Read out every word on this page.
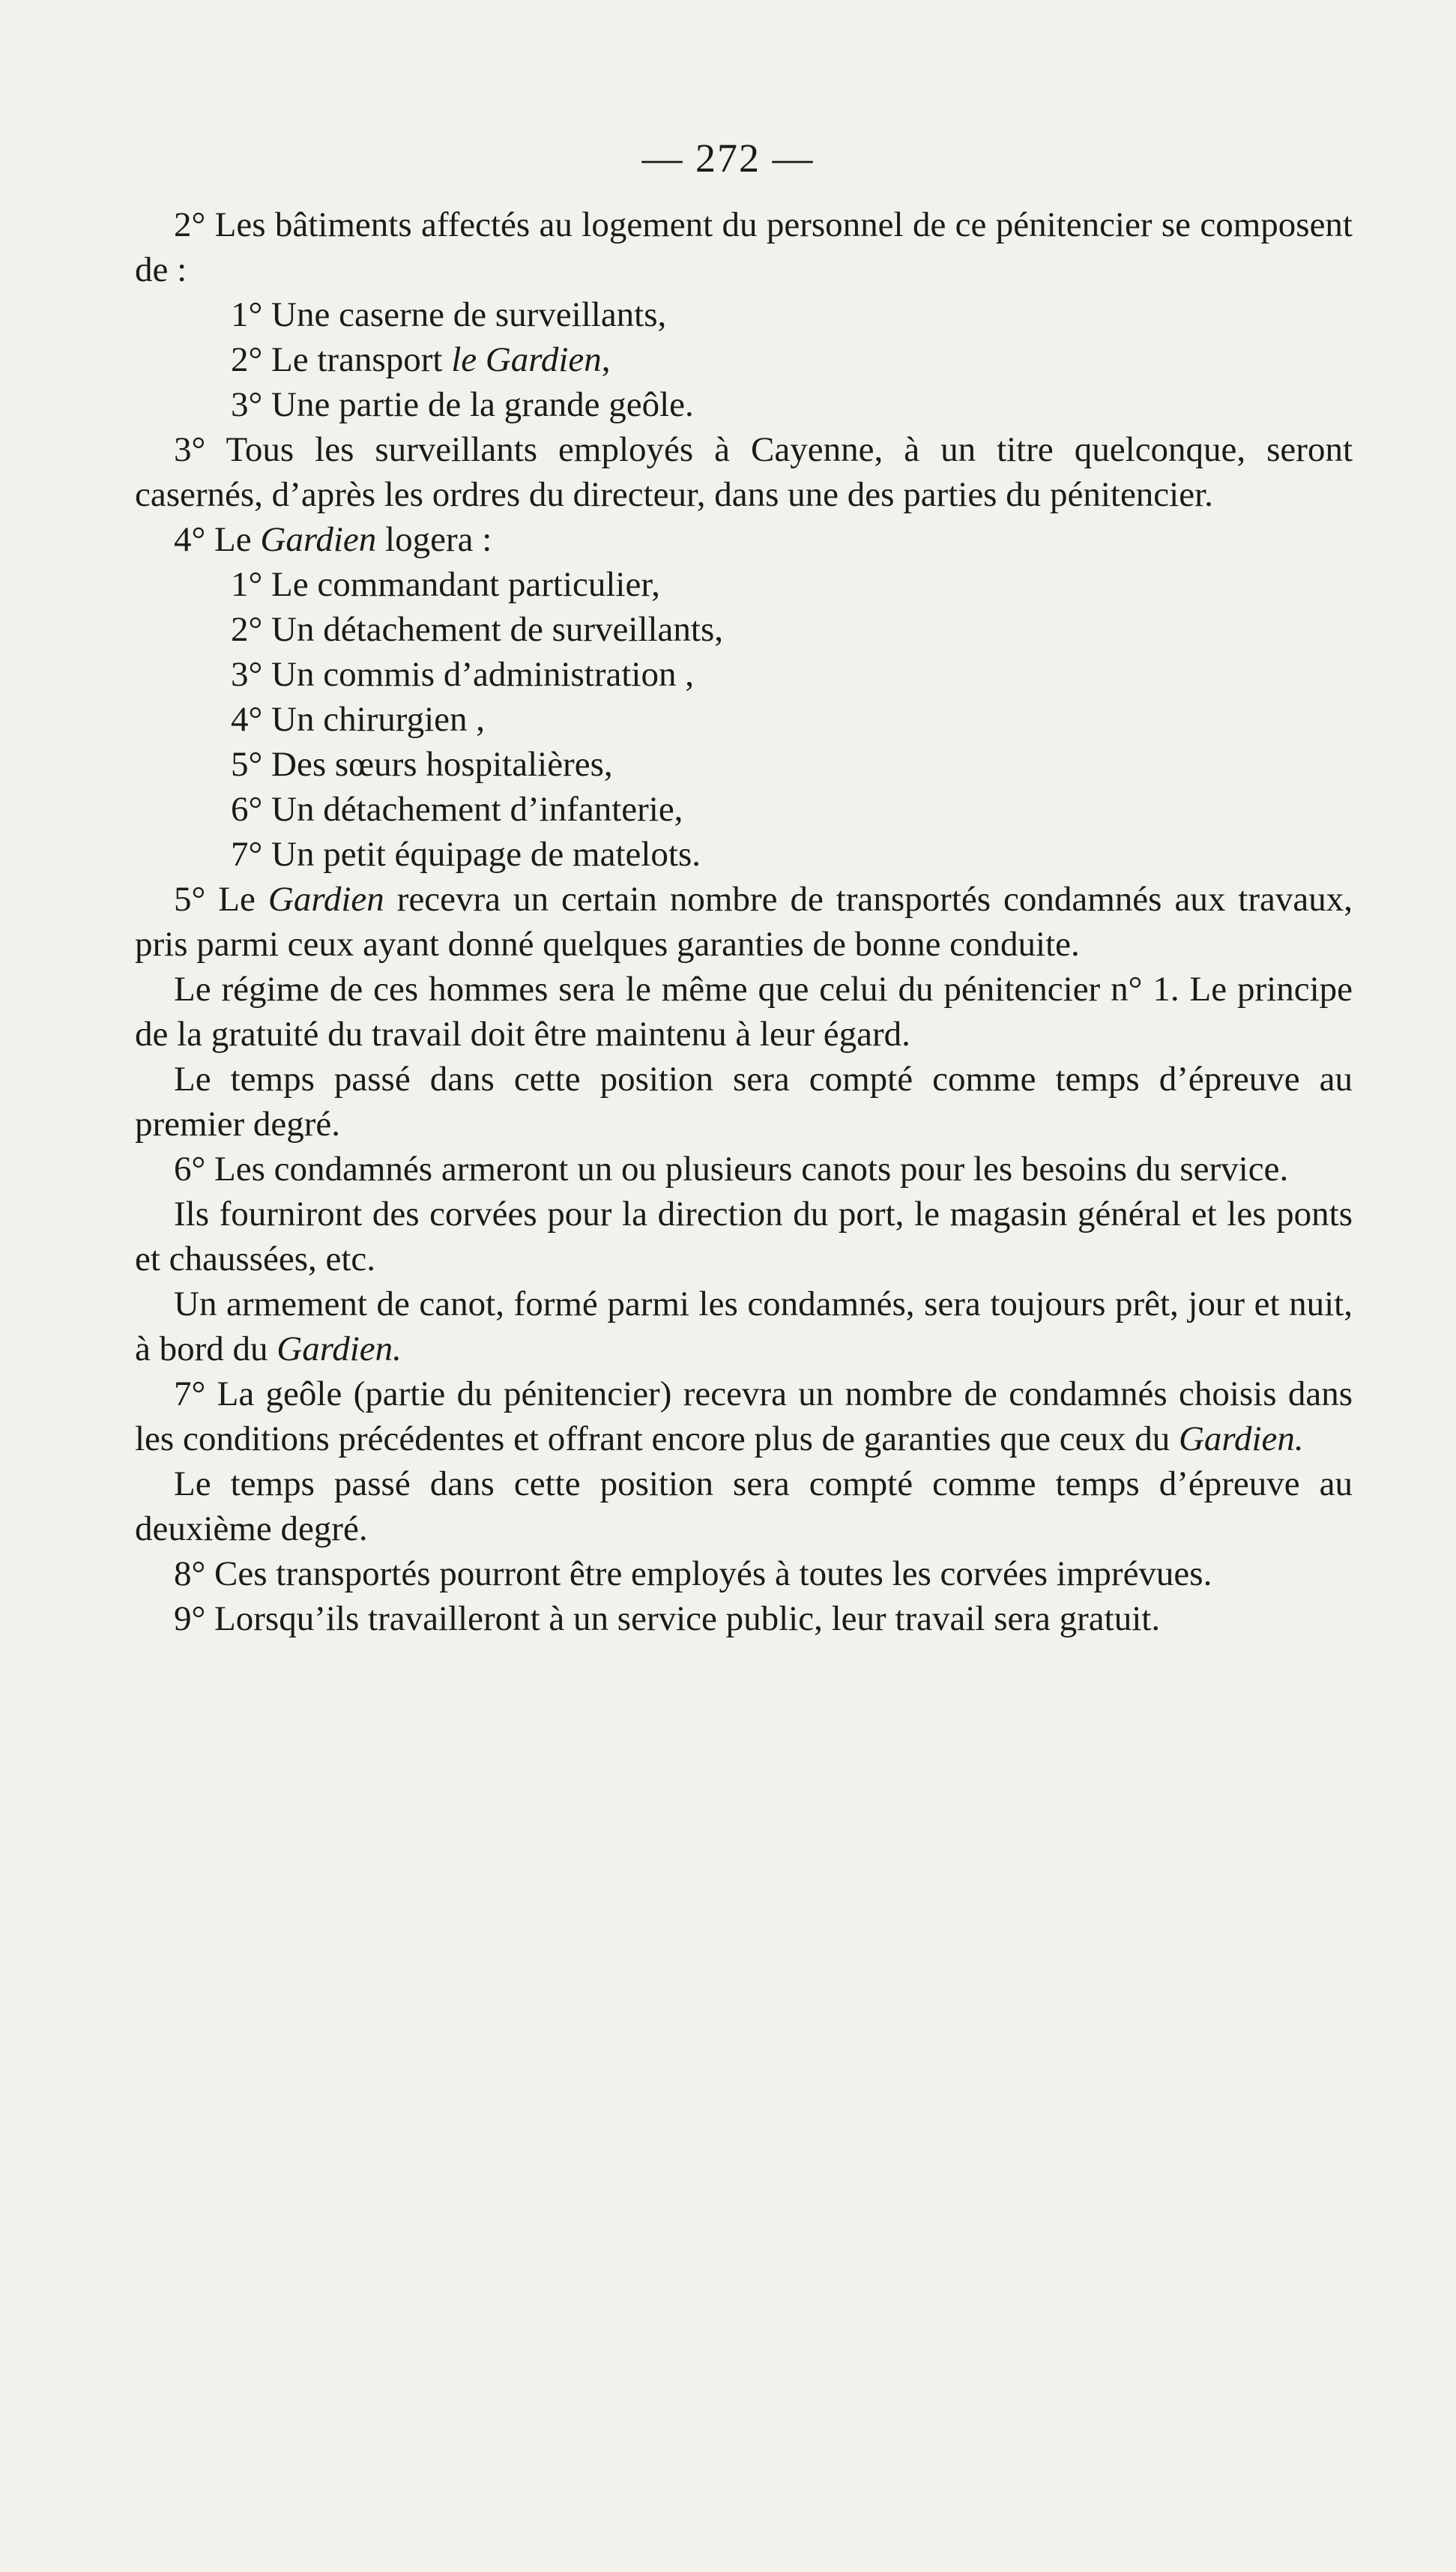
— 272 —

2° Les bâtiments affectés au logement du personnel de ce pénitencier se composent de :

1° Une caserne de surveillants,

2° Le transport le Gardien,

3° Une partie de la grande geôle.

3° Tous les surveillants employés à Cayenne, à un titre quelconque, seront casernés, d’après les ordres du directeur, dans une des parties du pénitencier.

4° Le Gardien logera :

1° Le commandant particulier,

2° Un détachement de surveillants,

3° Un commis d’administration ,

4° Un chirurgien ,

5° Des sœurs hospitalières,

6° Un détachement d’infanterie,

7° Un petit équipage de matelots.

5° Le Gardien recevra un certain nombre de transportés condamnés aux travaux, pris parmi ceux ayant donné quelques garanties de bonne conduite.

Le régime de ces hommes sera le même que celui du pénitencier n° 1. Le principe de la gratuité du travail doit être maintenu à leur égard.

Le temps passé dans cette position sera compté comme temps d’épreuve au premier degré.

6° Les condamnés armeront un ou plusieurs canots pour les besoins du service.

Ils fourniront des corvées pour la direction du port, le magasin général et les ponts et chaussées, etc.

Un armement de canot, formé parmi les condamnés, sera toujours prêt, jour et nuit, à bord du Gardien.

7° La geôle (partie du pénitencier) recevra un nombre de condamnés choisis dans les conditions précédentes et offrant encore plus de garanties que ceux du Gardien.

Le temps passé dans cette position sera compté comme temps d’épreuve au deuxième degré.

8° Ces transportés pourront être employés à toutes les corvées imprévues.

9° Lorsqu’ils travailleront à un service public, leur travail sera gratuit.
